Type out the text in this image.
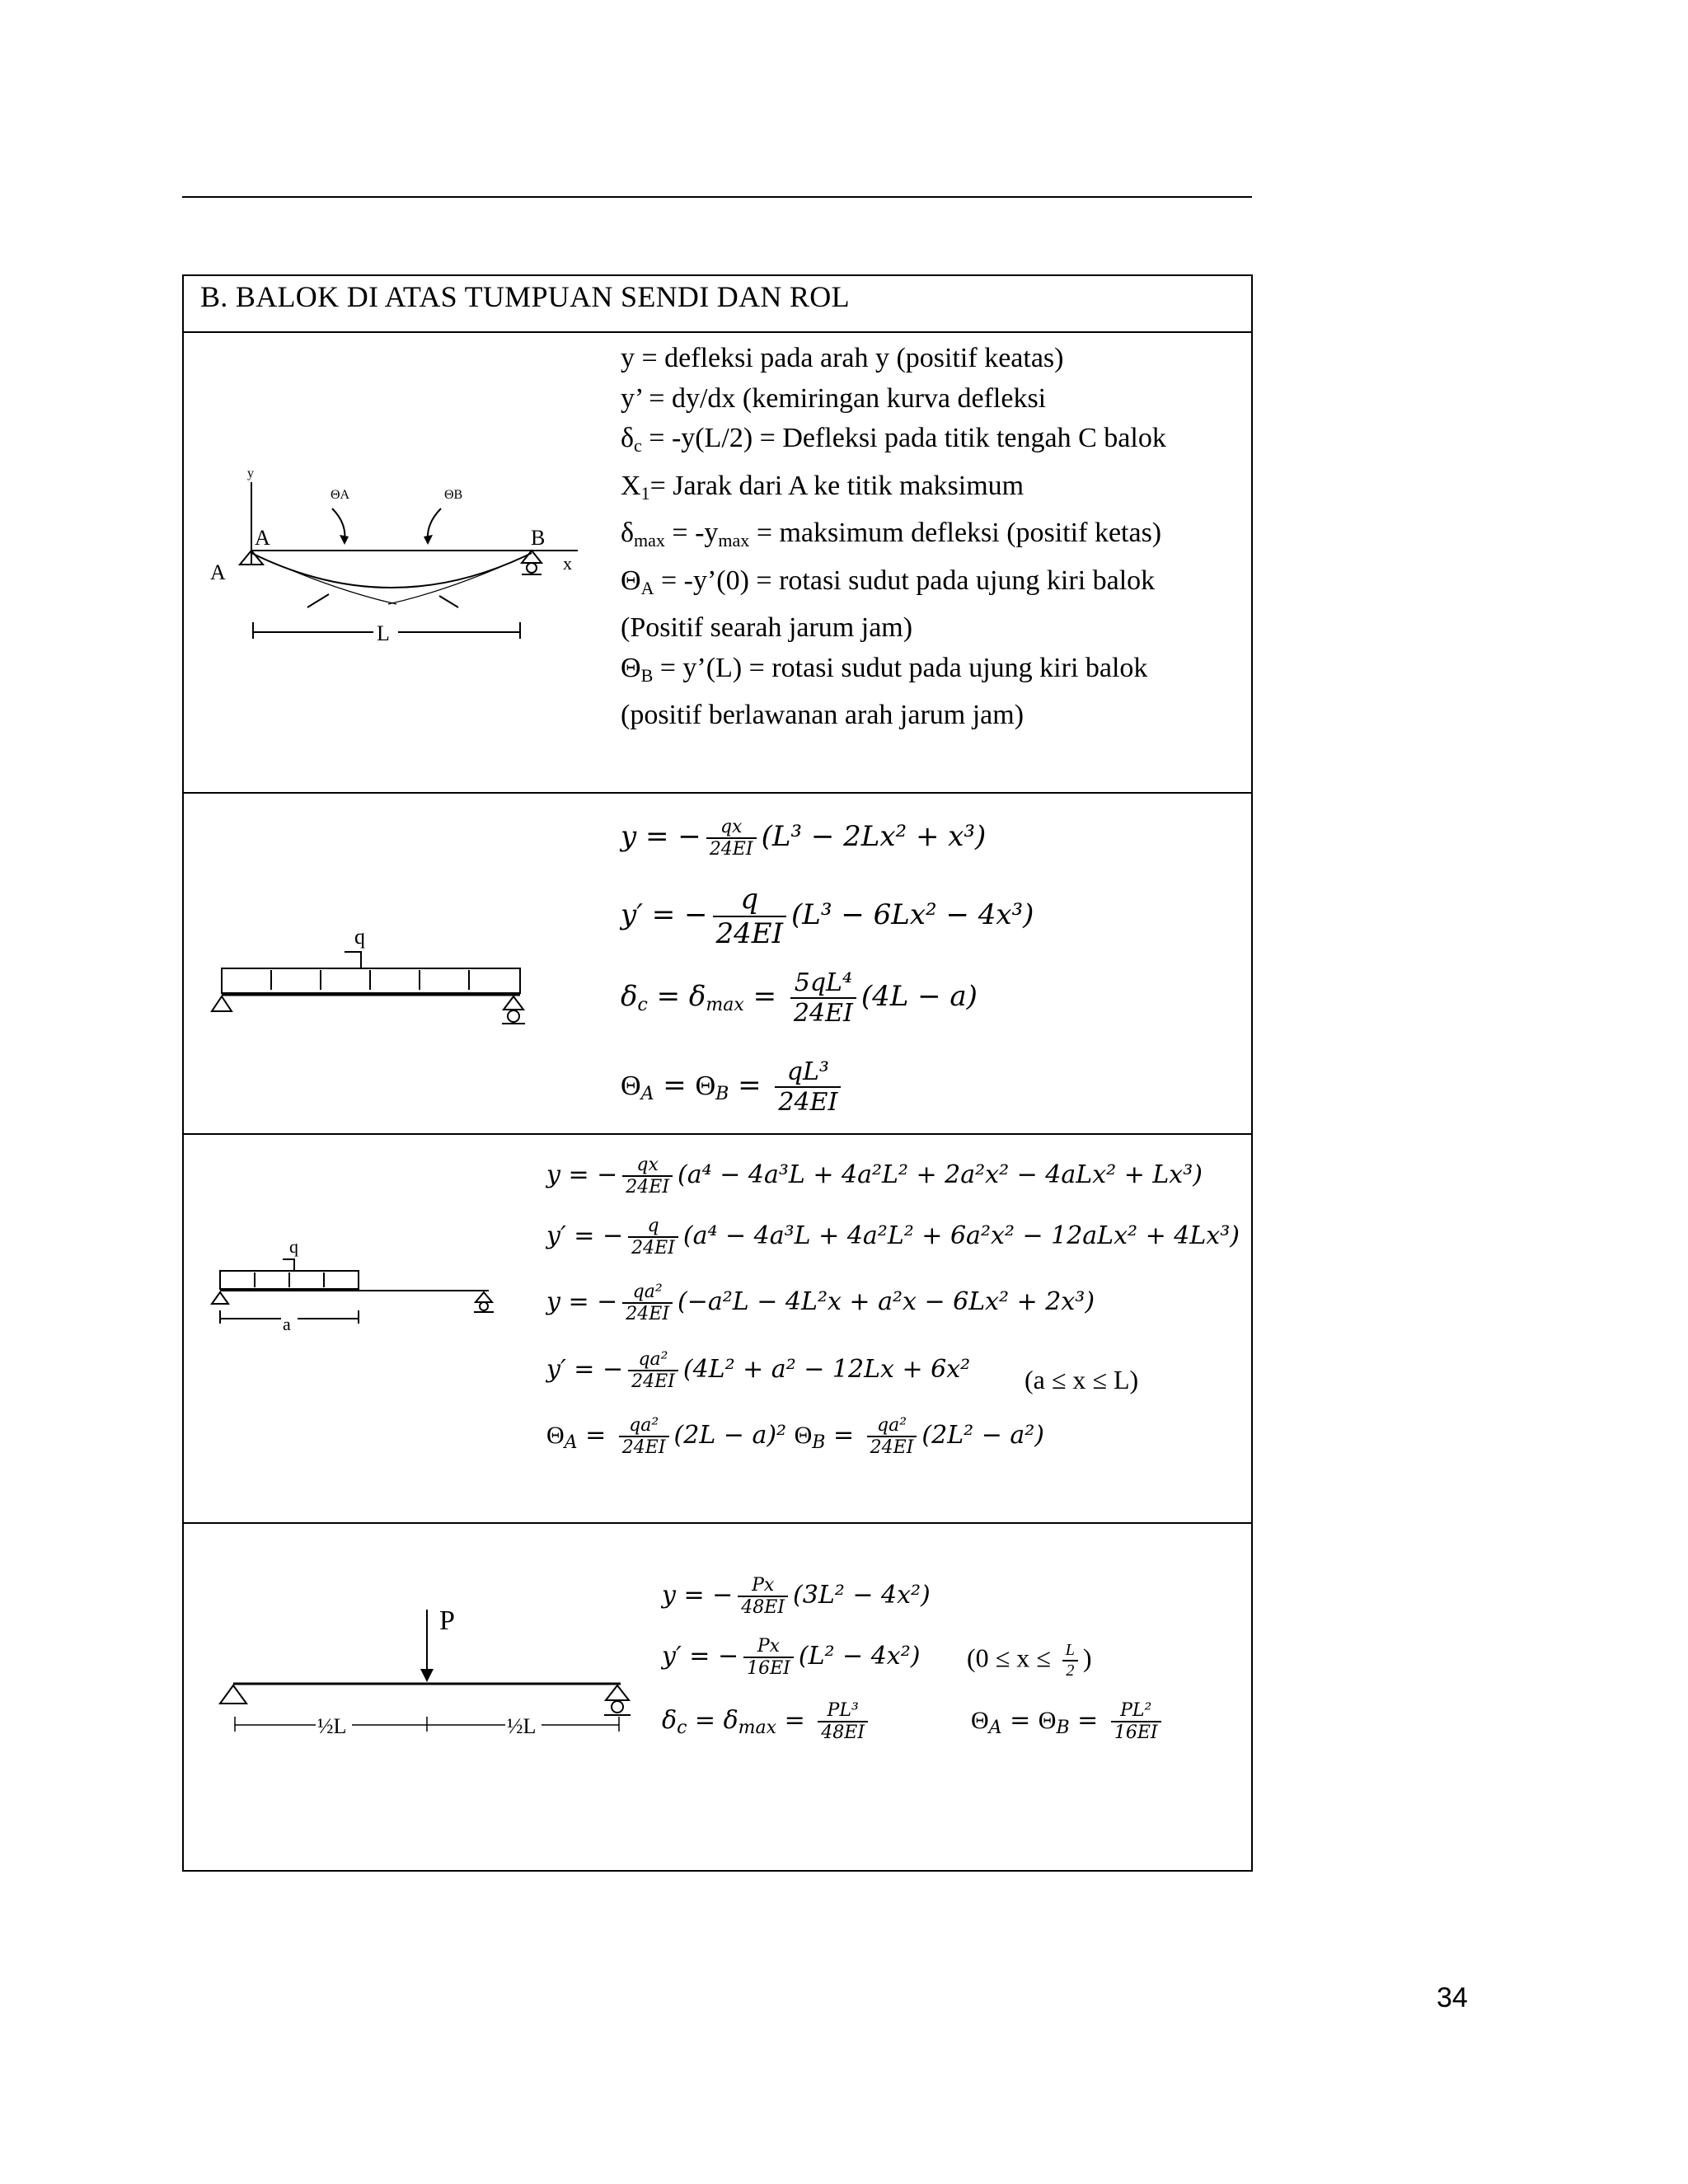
B. BALOK DI ATAS TUMPUAN SENDI DAN ROL
y
A
A
B
x
ΘA	ΘB
L
y = defleksi pada arah y (positif keatas)
y’ = dy/dx (kemiringan kurva defleksi
$\delta_c = -y(L/2)$ = Defleksi pada titik tengah C balok
$X_1=$ Jarak dari A ke titik maksimum
$\delta_{max} = -y_{max}$ = maksimum defleksi (positif ketas)
$\Theta_A$ = -y’(0) = rotasi sudut pada ujung kiri balok
(Positif searah jarum jam)
$\Theta_B$ = y’(L) = rotasi sudut pada ujung kiri balok
(positif berlawanan arah jarum jam)
q
y = − $\frac{qx}{24EI} (L^3 - 2Lx^2 + x^3)$
y′ = − $\frac{q}{24EI} (L^3 - 6Lx^2 - 4x^3)$
$\delta_c = \delta_{max} = \frac{\text{5qL⁴}}{24EI} (4L - a)$
$\Theta_A = \Theta_B = \frac{\text{qL³}}{24EI}$
q
a
y = − $\frac{qx}{24EI} (a^4 - 4a^3L + 4a^2L^2 + 2a^2x^2 - 4aLx^2 + Lx^3)$
y′ = − $\frac{q}{24EI} (a^4 - 4a^3L + 4a^2L^2 + 6a^2x^2 - 12aLx^2 + 4Lx^3)$
y = − $\frac{\text{qa²}}{24EI} (-a^2L - 4L^2x + a^2x - 6Lx^2 + 2x^3)$
y′ = − $\frac{\text{qa²}}{24EI} (4L^2 + a^2 - 12Lx + 6x^2$ (a ≤ x ≤ L)
$\Theta_A = \frac{\text{qa²}}{24EI} (2L - a)^2$ $\Theta_B = \frac{\text{qa²}}{24EI} (2L^2 - a^2)$
P
½L	½L
y = − $\frac{Px}{48EI} (3L^2 - 4x^2)$
y′ = − $\frac{Px}{16EI} (L^2 - 4x^2) (0 \le x \le \frac{L}{2}$ )
$\delta_c = \delta_{max} = \frac{\text{PL³}}{48EI}$	$\Theta_A = \Theta_B = \frac{\text{PL²}}{16EI}$
34
